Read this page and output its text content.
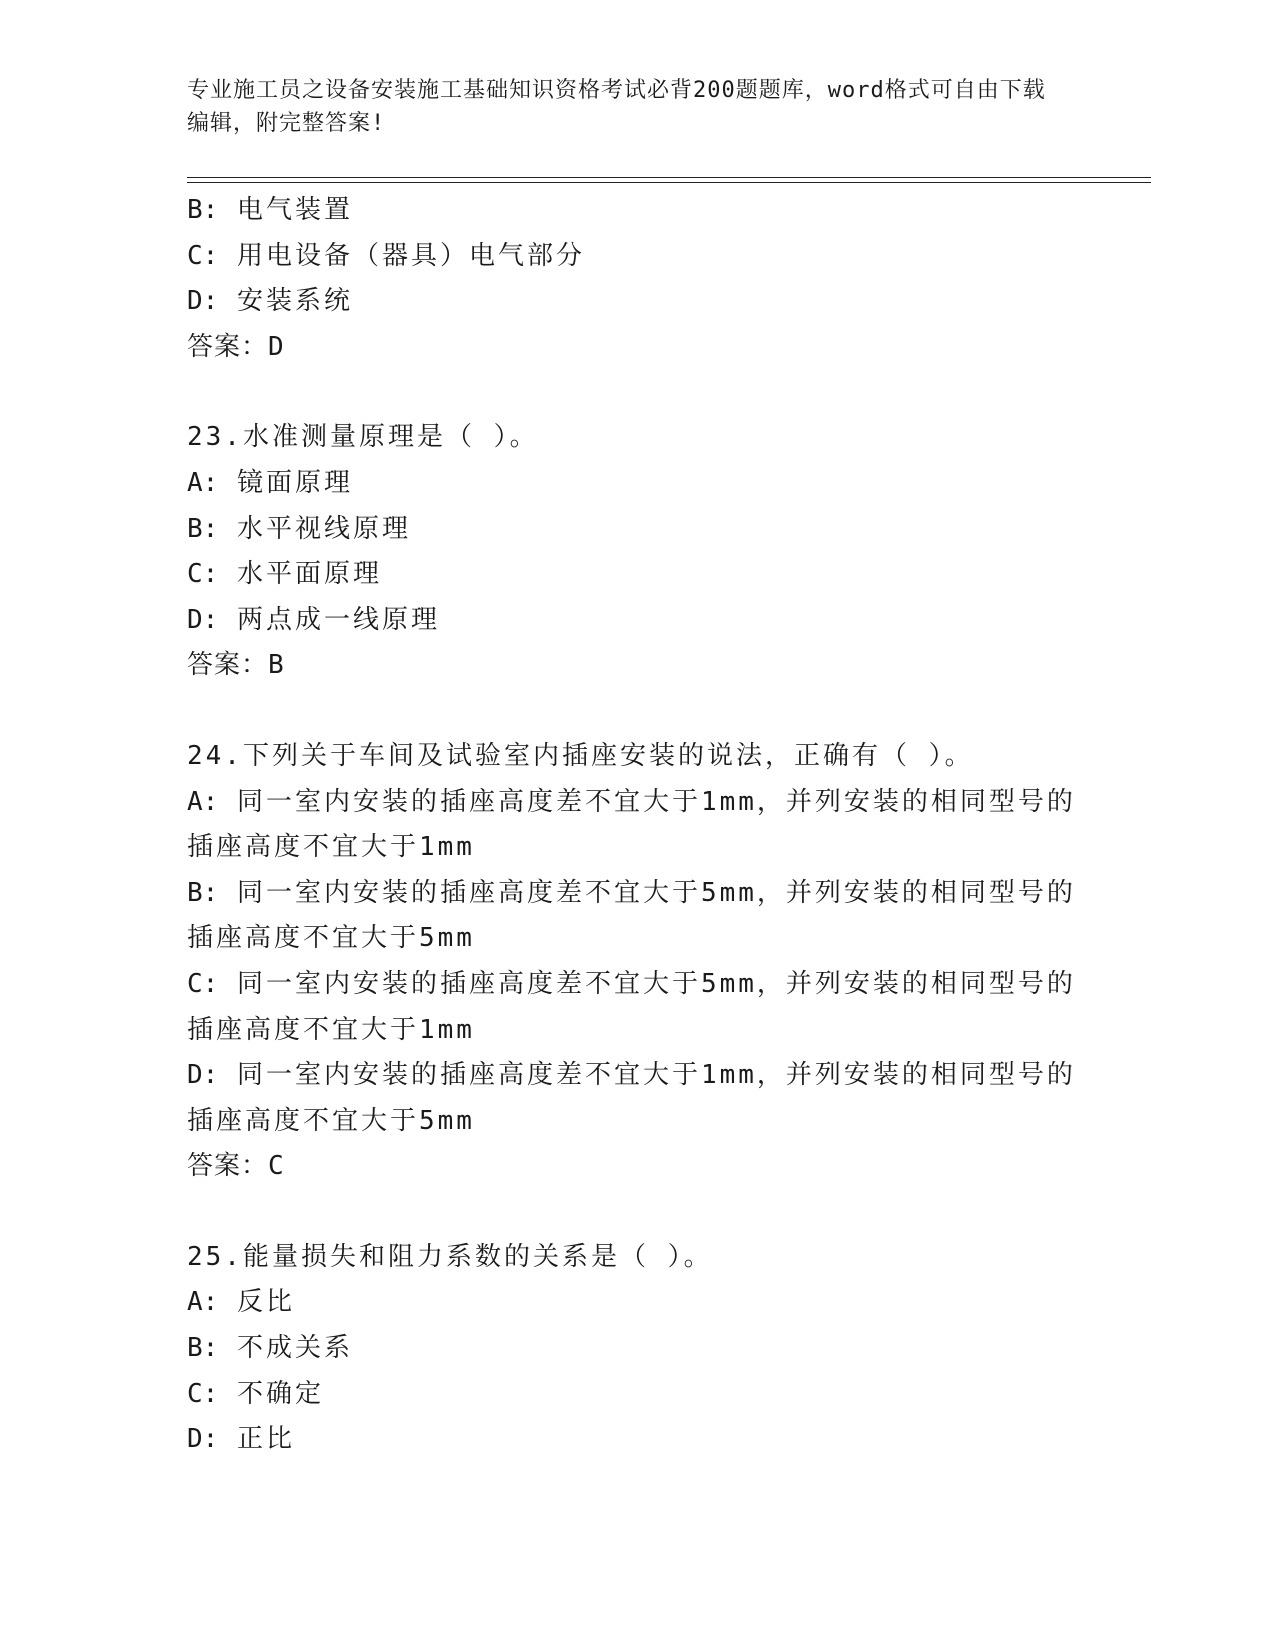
专业施工员之设备安装施工基础知识资格考试必背200题题库，word格式可自由下载编辑，附完整答案!
B: 电气装置
C: 用电设备（器具）电气部分
D: 安装系统
答案：D
23.水准测量原理是（ ）。
A: 镜面原理
B: 水平视线原理
C: 水平面原理
D: 两点成一线原理
答案：B
24.下列关于车间及试验室内插座安装的说法，正确有（ ）。
A: 同一室内安装的插座高度差不宜大于1mm，并列安装的相同型号的
插座高度不宜大于1mm
B: 同一室内安装的插座高度差不宜大于5mm，并列安装的相同型号的
插座高度不宜大于5mm
C: 同一室内安装的插座高度差不宜大于5mm，并列安装的相同型号的
插座高度不宜大于1mm
D: 同一室内安装的插座高度差不宜大于1mm，并列安装的相同型号的
插座高度不宜大于5mm
答案：C
25.能量损失和阻力系数的关系是（ ）。
A: 反比
B: 不成关系
C: 不确定
D: 正比
